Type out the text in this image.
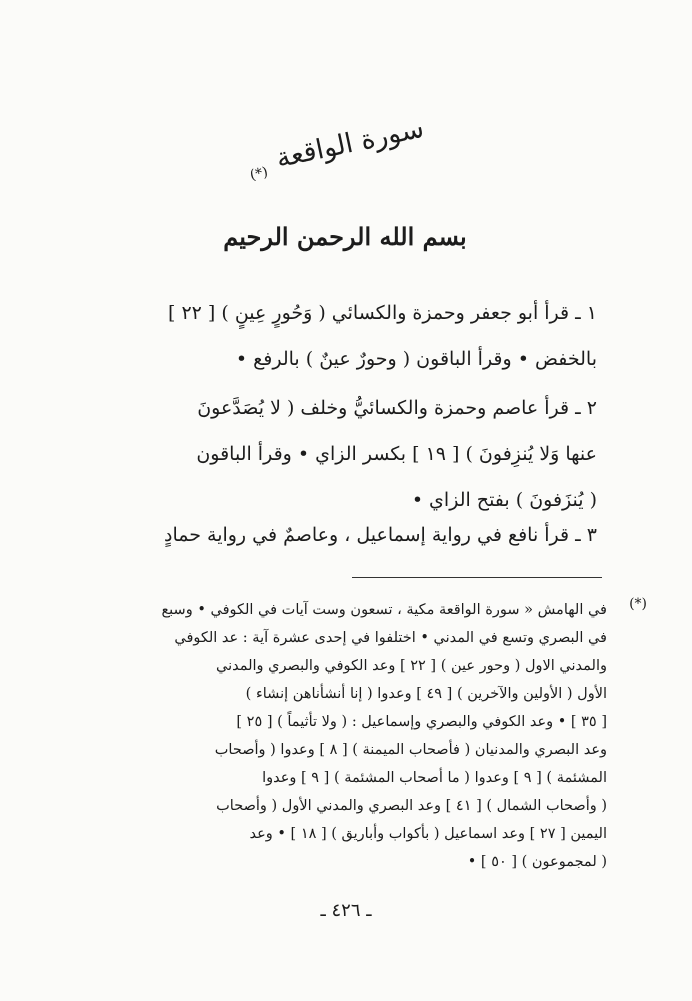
سورة الواقعة
(*)
بسم الله الرحمن الرحيم
١ ـ قرأ أبو جعفر وحمزة والكسائي ( وَحُورٍ عِينٍ ) [ ٢٢ ]
بالخفض • وقرأ الباقون ( وحورٌ عينٌ ) بالرفع •
٢ ـ قرأ عاصم وحمزة والكسائيُّ وخلف ( لا يُصَدَّعونَ
عنها وَلا يُنزِفونَ ) [ ١٩ ] بكسر الزاي • وقرأ الباقون
( يُنزَفونَ ) بفتح الزاي •
٣ ـ قرأ نافع في رواية إسماعيل ، وعاصمٌ في رواية حمادٍ
(*)
في الهامش « سورة الواقعة مكية ، تسعون وست آيات في الكوفي • وسبع
في البصري وتسع في المدني • اختلفوا في إحدى عشرة آية : عد الكوفي
والمدني الاول ( وحور عين ) [ ٢٢ ] وعد الكوفي والبصري والمدني
الأول ( الأولين والآخرين ) [ ٤٩ ] وعدوا ( إنا أنشأناهن إنشاء )
[ ٣٥ ] • وعد الكوفي والبصري وإسماعيل : ( ولا تأثيماً ) [ ٢٥ ]
وعد البصري والمدنيان ( فأصحاب الميمنة ) [ ٨ ] وعدوا ( وأصحاب
المشئمة ) [ ٩ ] وعدوا ( ما أصحاب المشئمة ) [ ٩ ] وعدوا
( وأصحاب الشمال ) [ ٤١ ] وعد البصري والمدني الأول ( وأصحاب
اليمين [ ٢٧ ] وعد اسماعيل ( بأكواب وأباريق ) [ ١٨ ] • وعد
( لمجموعون ) [ ٥٠ ] •
ـ ٤٢٦ ـ
